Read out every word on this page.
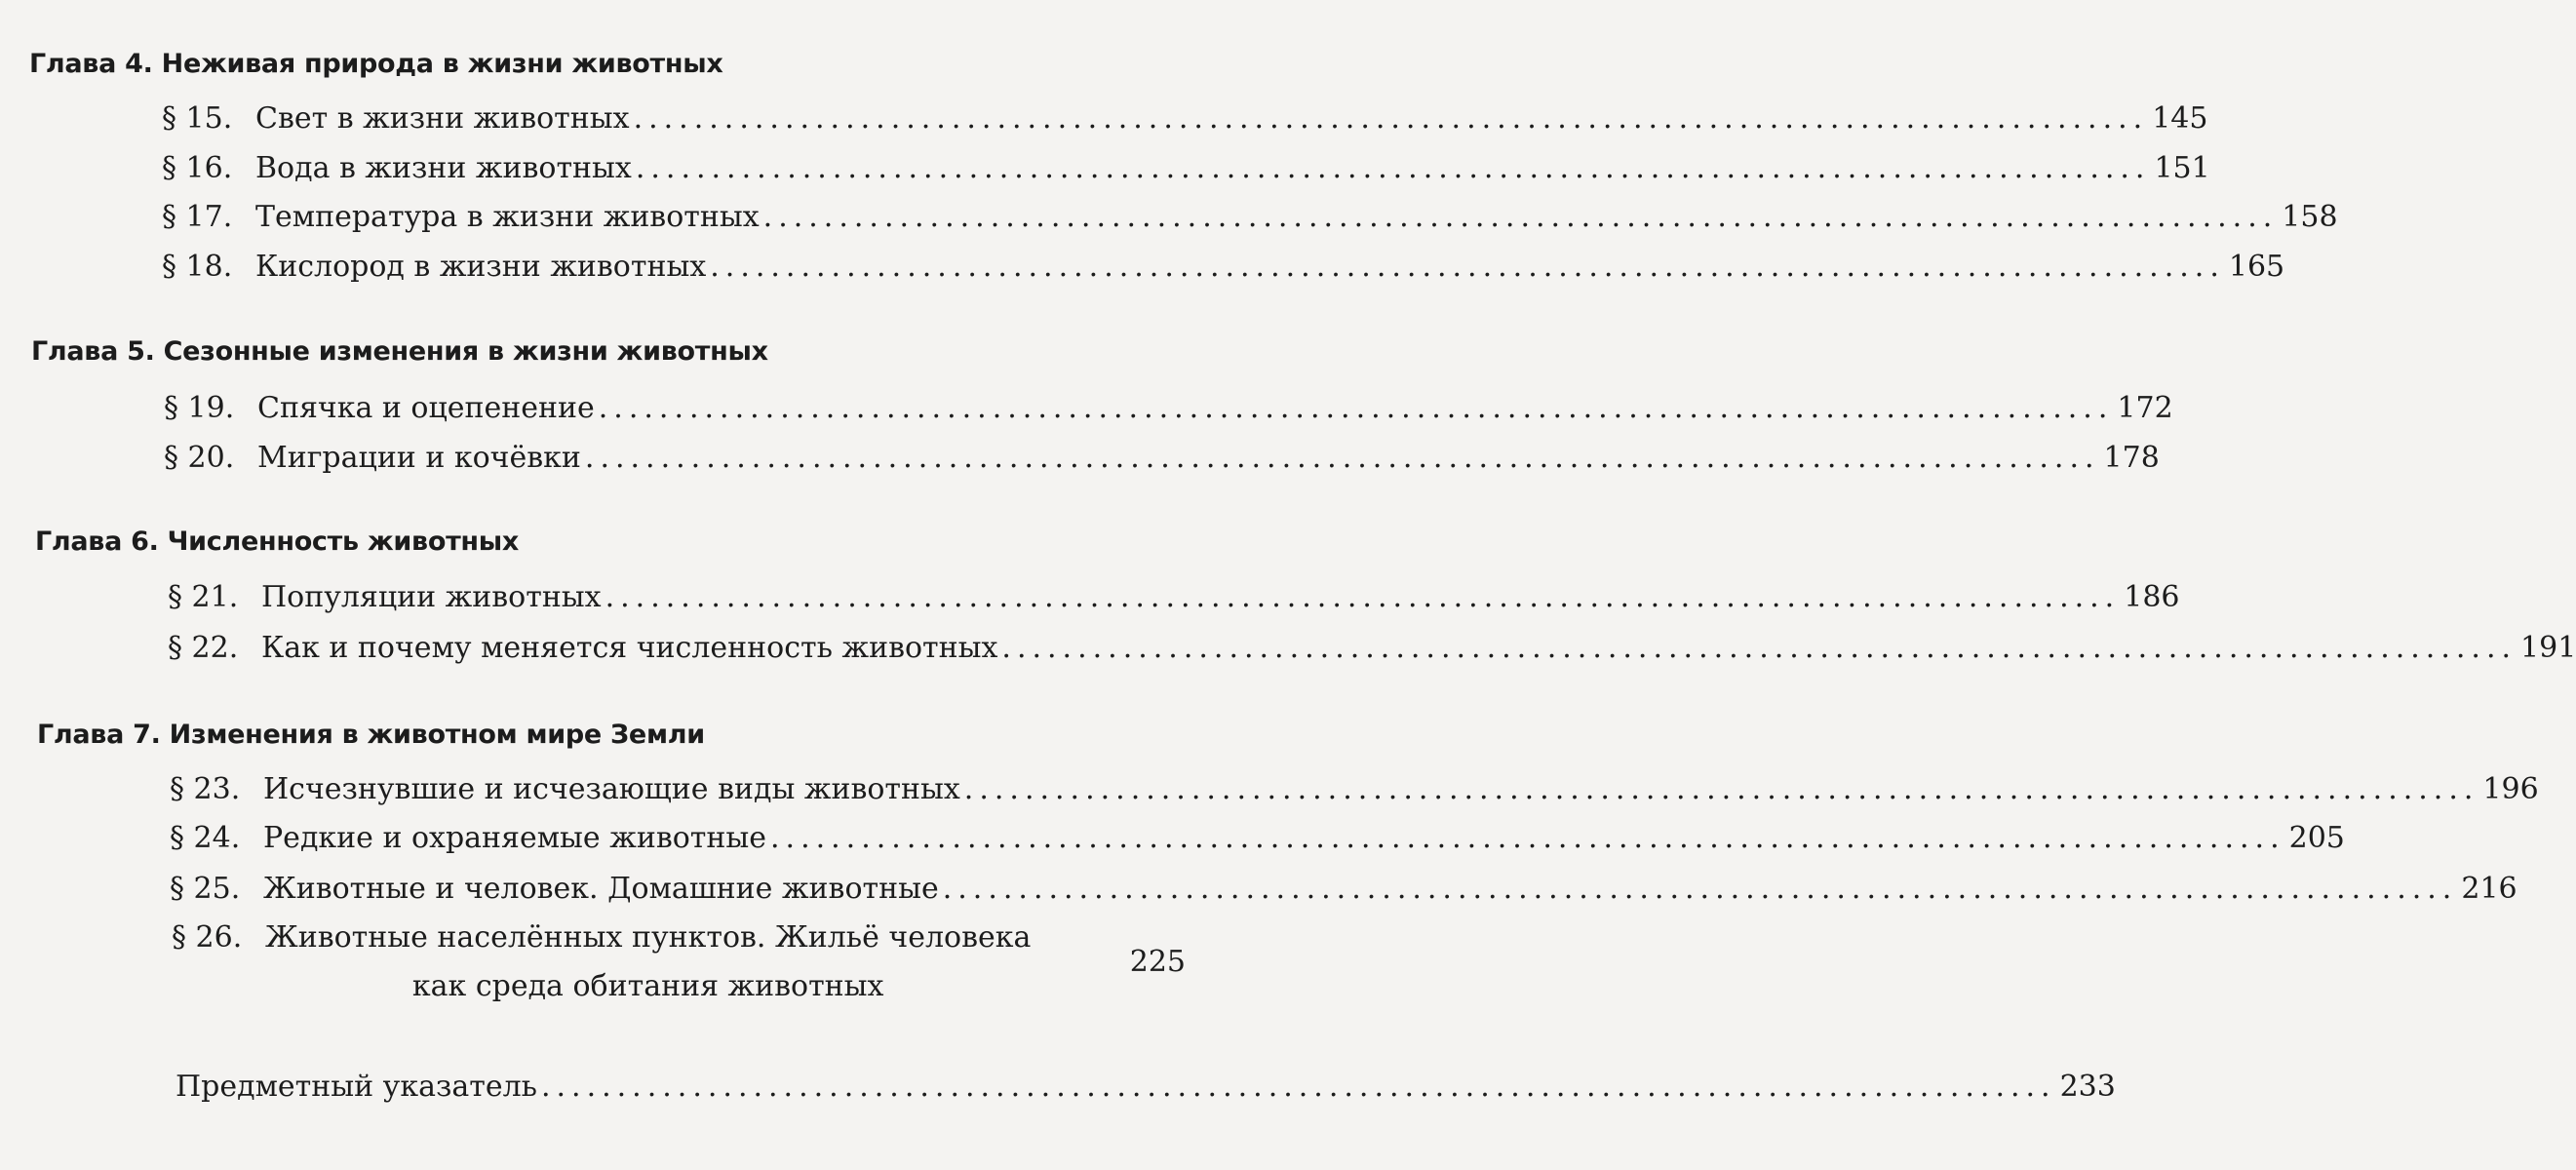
Глава 4. Неживая природа в жизни животных
§ 15. Свет в жизни животных .................................................................................................... 145
§ 16. Вода в жизни животных .................................................................................................... 151
§ 17. Температура в жизни животных .................................................................................................... 158
§ 18. Кислород в жизни животных .................................................................................................... 165
Глава 5. Сезонные изменения в жизни животных
§ 19. Спячка и оцепенение .................................................................................................... 172
§ 20. Миграции и кочёвки .................................................................................................... 178
Глава 6. Численность животных
§ 21. Популяции животных .................................................................................................... 186
§ 22. Как и почему меняется численность животных .................................................................................................... 191
Глава 7. Изменения в животном мире Земли
§ 23. Исчезнувшие и исчезающие виды животных .................................................................................................... 196
§ 24. Редкие и охраняемые животные .................................................................................................... 205
§ 25. Животные и человек. Домашние животные .................................................................................................... 216
§ 26. Животные населённых пунктов. Жильё человека
как среда обитания животных
225
Предметный указатель .................................................................................................... 233
